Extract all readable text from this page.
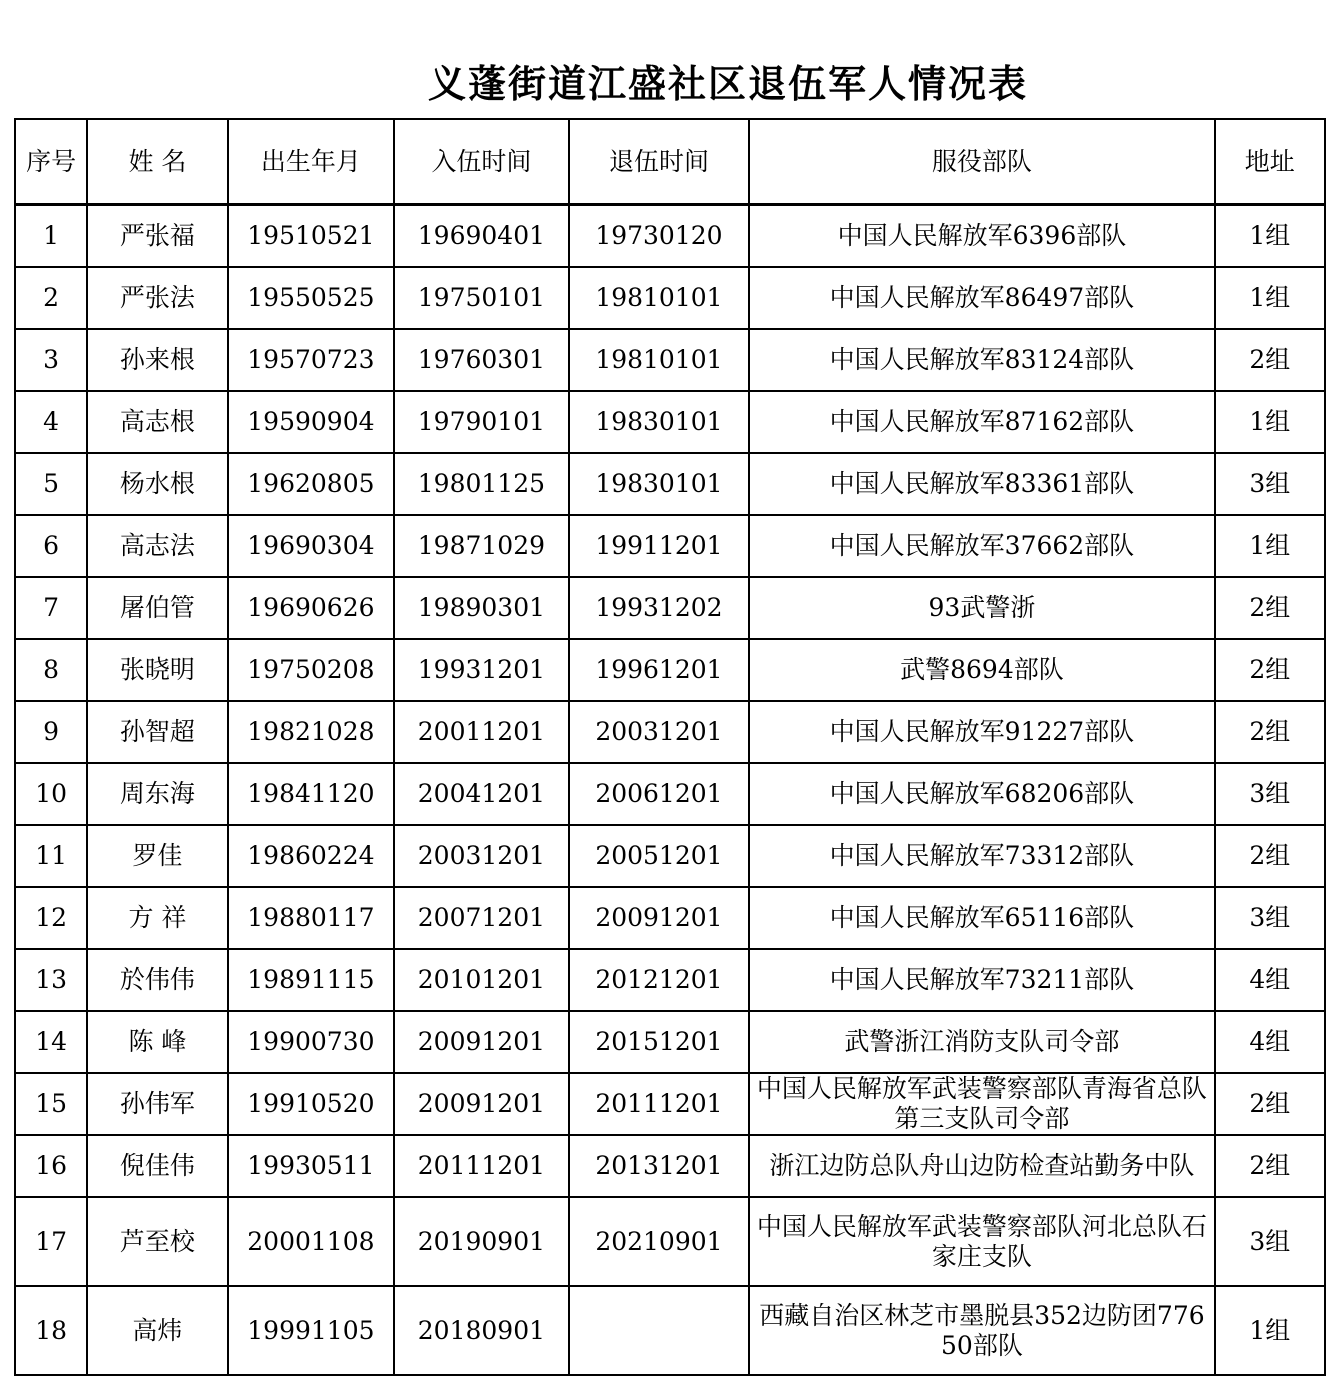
义蓬街道江盛社区退伍军人情况表
序号	姓 名	出生年月	入伍时间	退伍时间	服役部队	地址
1	严张福	19510521	19690401	19730120	中国人民解放军6396部队	1组
2	严张法	19550525	19750101	19810101	中国人民解放军86497部队	1组
3	孙来根	19570723	19760301	19810101	中国人民解放军83124部队	2组
4	高志根	19590904	19790101	19830101	中国人民解放军87162部队	1组
5	杨水根	19620805	19801125	19830101	中国人民解放军83361部队	3组
6	高志法	19690304	19871029	19911201	中国人民解放军37662部队	1组
7	屠伯管	19690626	19890301	19931202	93武警浙	2组
8	张晓明	19750208	19931201	19961201	武警8694部队	2组
9	孙智超	19821028	20011201	20031201	中国人民解放军91227部队	2组
10	周东海	19841120	20041201	20061201	中国人民解放军68206部队	3组
11	罗佳	19860224	20031201	20051201	中国人民解放军73312部队	2组
12	方 祥	19880117	20071201	20091201	中国人民解放军65116部队	3组
13	於伟伟	19891115	20101201	20121201	中国人民解放军73211部队	4组
14	陈 峰	19900730	20091201	20151201	武警浙江消防支队司令部	4组
15	孙伟军	19910520	20091201	20111201	中国人民解放军武装警察部队青海省总队第三支队司令部	2组
16	倪佳伟	19930511	20111201	20131201	浙江边防总队舟山边防检查站勤务中队	2组
17	芦至校	20001108	20190901	20210901	中国人民解放军武装警察部队河北总队石家庄支队	3组
18	高炜	19991105	20180901		西藏自治区林芝市墨脱县352边防团77650部队	1组
